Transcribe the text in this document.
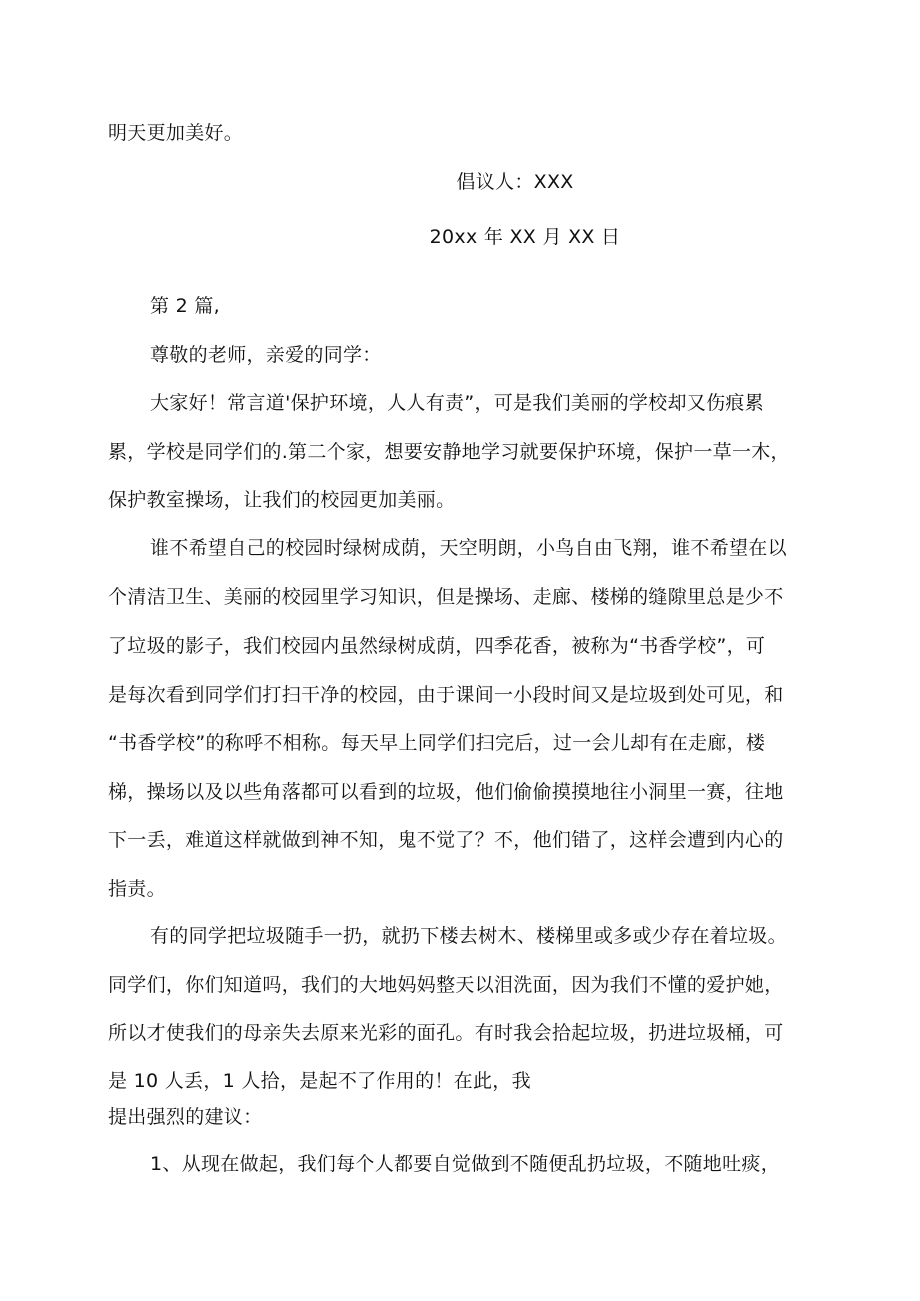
明天更加美好。
倡议人：XXX
20xx 年 XX 月 XX 日
第 2 篇,
尊敬的老师，亲爱的同学：
大家好！常言道'保护环境，人人有责”，可是我们美丽的学校却又伤痕累
累，学校是同学们的.第二个家，想要安静地学习就要保护环境，保护一草一木，
保护教室操场，让我们的校园更加美丽。
谁不希望自己的校园时绿树成荫，天空明朗，小鸟自由飞翔，谁不希望在以
个清洁卫生、美丽的校园里学习知识，但是操场、走廊、楼梯的缝隙里总是少不
了垃圾的影子，我们校园内虽然绿树成荫，四季花香，被称为“书香学校”，可
是每次看到同学们打扫干净的校园，由于课间一小段时间又是垃圾到处可见，和
“书香学校”的称呼不相称。每天早上同学们扫完后，过一会儿却有在走廊，楼
梯，操场以及以些角落都可以看到的垃圾，他们偷偷摸摸地往小洞里一赛，往地
下一丢，难道这样就做到神不知，鬼不觉了？不，他们错了，这样会遭到内心的
指责。
有的同学把垃圾随手一扔，就扔下楼去树木、楼梯里或多或少存在着垃圾。
同学们，你们知道吗，我们的大地妈妈整天以泪洗面，因为我们不懂的爱护她，
所以才使我们的母亲失去原来光彩的面孔。有时我会拾起垃圾，扔进垃圾桶，可
是 10 人丢，1 人拾，是起不了作用的！在此，我
提出强烈的建议：
1、从现在做起，我们每个人都要自觉做到不随便乱扔垃圾，不随地吐痰，
